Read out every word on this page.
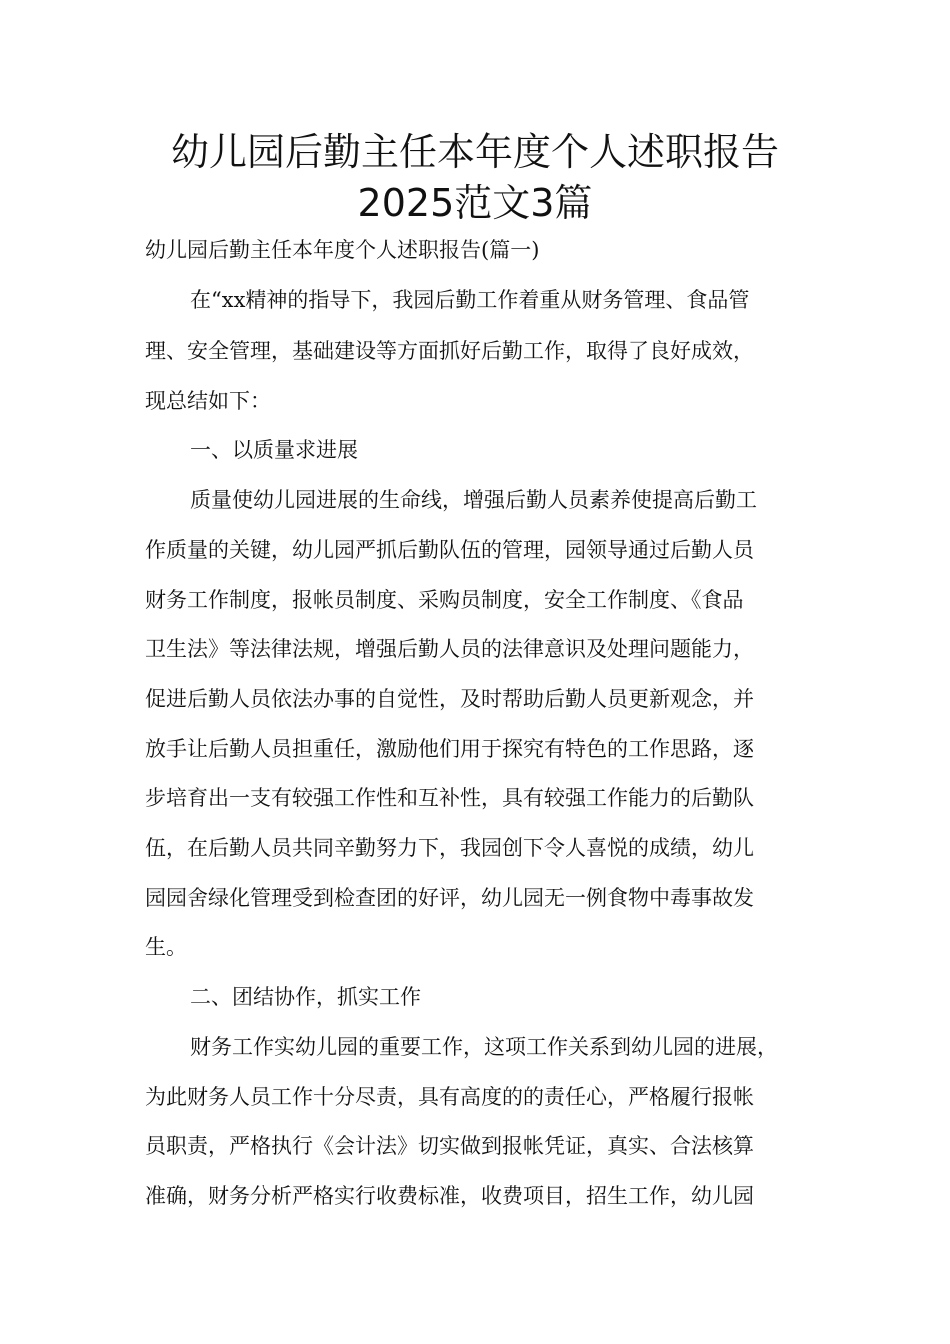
幼儿园后勤主任本年度个人述职报告
2025范文3篇

幼儿园后勤主任本年度个人述职报告(篇一)

在“xx精神的指导下，我园后勤工作着重从财务管理、食品管

理、安全管理，基础建设等方面抓好后勤工作，取得了良好成效，

现总结如下：

一、以质量求进展

质量使幼儿园进展的生命线，增强后勤人员素养使提高后勤工

作质量的关键，幼儿园严抓后勤队伍的管理，园领导通过后勤人员

财务工作制度，报帐员制度、采购员制度，安全工作制度、《食品

卫生法》等法律法规，增强后勤人员的法律意识及处理问题能力，

促进后勤人员依法办事的自觉性，及时帮助后勤人员更新观念，并

放手让后勤人员担重任，激励他们用于探究有特色的工作思路，逐

步培育出一支有较强工作性和互补性，具有较强工作能力的后勤队

伍，在后勤人员共同辛勤努力下，我园创下令人喜悦的成绩，幼儿

园园舍绿化管理受到检查团的好评，幼儿园无一例食物中毒事故发

生。

二、团结协作，抓实工作

财务工作实幼儿园的重要工作，这项工作关系到幼儿园的进展，

为此财务人员工作十分尽责，具有高度的的责任心，严格履行报帐

员职责，严格执行《会计法》切实做到报帐凭证，真实、合法核算

准确，财务分析严格实行收费标准，收费项目，招生工作，幼儿园
